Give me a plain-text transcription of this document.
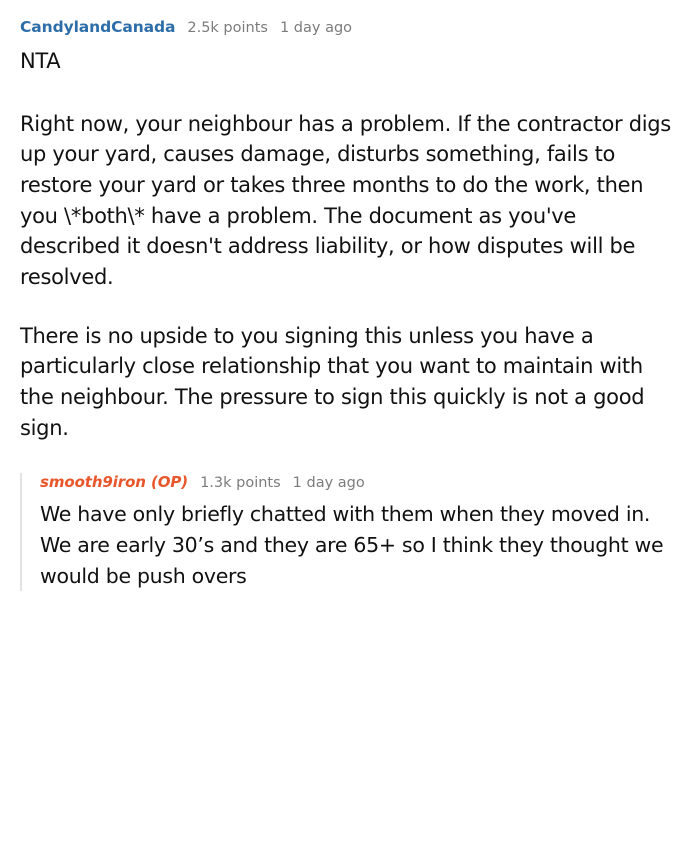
CandylandCanada 2.5k points 1 day ago

NTA

Right now, your neighbour has a problem. If the contractor digs up your yard, causes damage, disturbs something, fails to restore your yard or takes three months to do the work, then you \*both\* have a problem. The document as you've described it doesn't address liability, or how disputes will be resolved.

There is no upside to you signing this unless you have a particularly close relationship that you want to maintain with the neighbour. The pressure to sign this quickly is not a good sign.

smooth9iron (OP) 1.3k points 1 day ago

We have only briefly chatted with them when they moved in. We are early 30’s and they are 65+ so I think they thought we would be push overs
